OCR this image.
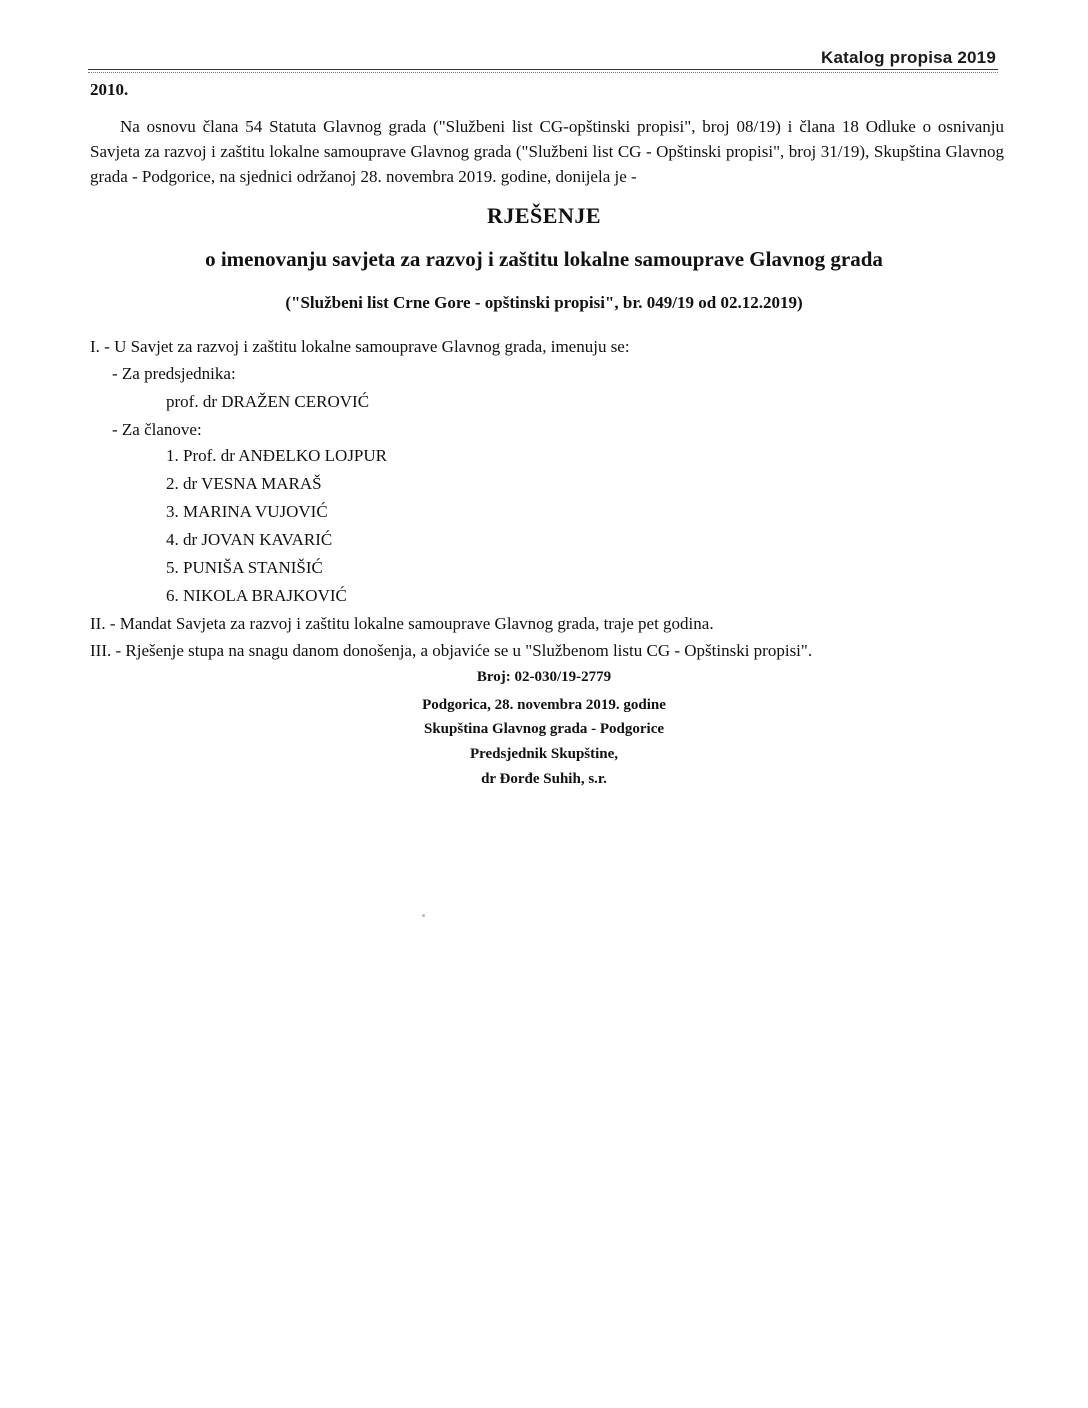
Katalog propisa 2019
2010.

Na osnovu člana 54 Statuta Glavnog grada ("Službeni list CG-opštinski propisi", broj 08/19) i člana 18 Odluke o osnivanju Savjeta za razvoj i zaštitu lokalne samouprave Glavnog grada ("Službeni list CG - Opštinski propisi", broj 31/19), Skupština Glavnog grada - Podgorice, na sjednici održanoj 28. novembra 2019. godine, donijela je -

RJEŠENJE
o imenovanju savjeta za razvoj i zaštitu lokalne samouprave Glavnog grada
("Službeni list Crne Gore - opštinski propisi", br. 049/19 od 02.12.2019)
I. - U Savjet za razvoj i zaštitu lokalne samouprave Glavnog grada, imenuju se:
- Za predsjednika:
prof. dr DRAŽEN CEROVIĆ
- Za članove:
1. Prof. dr ANĐELKO LOJPUR
2. dr VESNA MARAŠ
3. MARINA VUJOVIĆ
4. dr JOVAN KAVARIĆ
5. PUNIŠA STANIŠIĆ
6. NIKOLA BRAJKOVIĆ
II. - Mandat Savjeta za razvoj i zaštitu lokalne samouprave Glavnog grada, traje pet godina.
III. - Rješenje stupa na snagu danom donošenja, a objaviće se u "Službenom listu CG - Opštinski propisi".
Broj: 02-030/19-2779
Podgorica, 28. novembra 2019. godine
Skupština Glavnog grada - Podgorice
Predsjednik Skupštine,
dr Đorđe Suhih, s.r.
